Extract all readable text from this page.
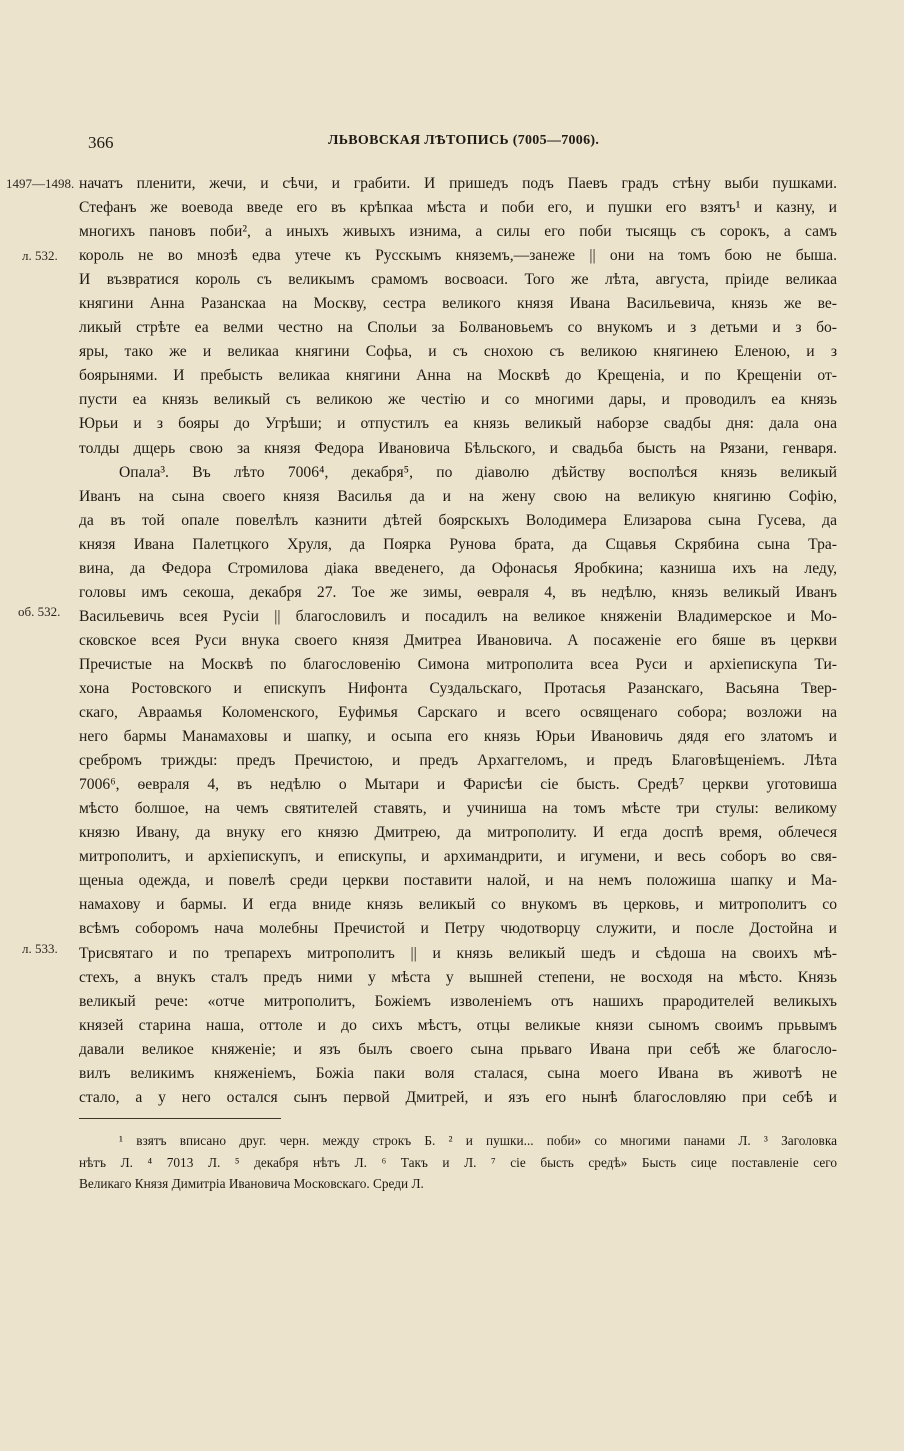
366	ЛЬВОВСКАЯ ЛѢТОПИСЬ (7005—7006).
1497—1498.
л. 532.
об. 532.
л. 533.
начатъ пленити, жечи, и сѣчи, и грабити. И пришедъ подъ Паевъ градъ стѣну выби пушками.
Стефанъ же воевода введе его въ крѣпкаа мѣста и поби его, и пушки его взятъ¹ и казну, и
многихъ пановъ поби², а иныхъ живыхъ изнима, а силы его поби тысящь съ сорокъ, а самъ
король не во мнозѣ едва утече къ Русскымъ княземъ,—занеже || они на томъ бою не быша.
И възвратися король съ великымъ срамомъ восвоаси. Того же лѣта, августа, пріиде великаа
княгини Анна Разанскаа на Москву, сестра великого князя Ивана Васильевича, князь же ве-
ликый стрѣте еа велми честно на Спольи за Болвановьемъ со внукомъ и з детьми и з бо-
яры, тако же и великаа княгини Софьа, и съ снохою съ великою княгинею Еленою, и з
боярынями. И пребысть великаа княгини Анна на Москвѣ до Крещеніа, и по Крещеніи от-
пусти еа князь великый съ великою же честію и со многими дары, и проводилъ еа князь
Юрьи и з бояры до Угрѣши; и отпустилъ еа князь великый наборзе свадбы дня: дала она
толды дщерь свою за князя Федора Ивановича Бѣльского, и свадьба бысть на Рязани, генваря.
Опала³. Въ лѣто 7006⁴, декабря⁵, по діаволю дѣйству восполѣся князь великый
Иванъ на сына своего князя Василья да и на жену свою на великую княгиню Софію,
да въ той опале повелѣлъ казнити дѣтей боярскыхъ Володимера Елизарова сына Гусева, да
князя Ивана Палетцкого Хруля, да Поярка Рунова брата, да Сщавья Скрябина сына Тра-
вина, да Федора Стромилова діака введенего, да Офонасья Яробкина; казниша ихъ на леду,
головы имъ секоша, декабря 27. Тое же зимы, ѳевраля 4, въ недѣлю, князь великый Иванъ
Васильевичь всея Русіи || благословилъ и посадилъ на великое княженіи Владимерское и Мо-
сковское всея Руси внука своего князя Дмитреа Ивановича. А посаженіе его бяше въ церкви
Пречистые на Москвѣ по благословенію Симона митрополита всеа Руси и архіепискупа Ти-
хона Ростовского и епискупъ Нифонта Суздальскаго, Протасья Разанскаго, Васьяна Твер-
скаго, Авраамья Коломенского, Еуфимья Сарскаго и всего освященаго собора; возложи на
него бармы Манамаховы и шапку, и осыпа его князь Юрьи Ивановичь дядя его златомъ и
сребромъ трижды: предъ Пречистою, и предъ Архаггеломъ, и предъ Благовѣщеніемъ. Лѣта
7006⁶, ѳевраля 4, въ недѣлю о Мытари и Фарисѣи сіе бысть. Средѣ⁷ церкви уготовиша
мѣсто болшое, на чемъ святителей ставять, и учиниша на томъ мѣсте три стулы: великому
князю Ивану, да внуку его князю Дмитрею, да митрополиту. И егда доспѣ время, облечеся
митрополитъ, и архіепискупъ, и епискупы, и архимандрити, и игумени, и весь соборъ во свя-
щеныа одежда, и повелѣ среди церкви поставити налой, и на немъ положиша шапку и Ма-
намахову и бармы. И егда вниде князь великый со внукомъ въ церковь, и митрополитъ со
всѣмъ соборомъ нача молебны Пречистой и Петру чюдотворцу служити, и после Достойна и
Трисвятаго и по трепарехъ митрополитъ || и князь великый шедъ и сѣдоша на своихъ мѣ-
стехъ, а внукъ сталъ предъ ними у мѣста у вышней степени, не восходя на мѣсто. Князь
великый рече: «отче митрополитъ, Божіемъ изволеніемъ отъ нашихъ прародителей великыхъ
князей старина наша, оттоле и до сихъ мѣстъ, отцы великые князи сыномъ своимъ прьвымъ
давали великое княженіе; и язъ былъ своего сына прьваго Ивана при себѣ же благосло-
вилъ великимъ княженіемъ, Божіа паки воля сталася, сына моего Ивана въ животѣ не
стало, а у него остался сынъ первой Дмитрей, и язъ его нынѣ благословляю при себѣ и
¹ взятъ вписано друг. черн. между строкъ Б. ² и пушки... поби» со многими панами Л. ³ Заголовка
нѣтъ Л. ⁴ 7013 Л. ⁵ декабря нѣтъ Л. ⁶ Такъ и Л. ⁷ сіе бысть средѣ» Бысть сице поставленіе сего
Великаго Князя Димитріа Ивановича Московскаго. Среди Л.
